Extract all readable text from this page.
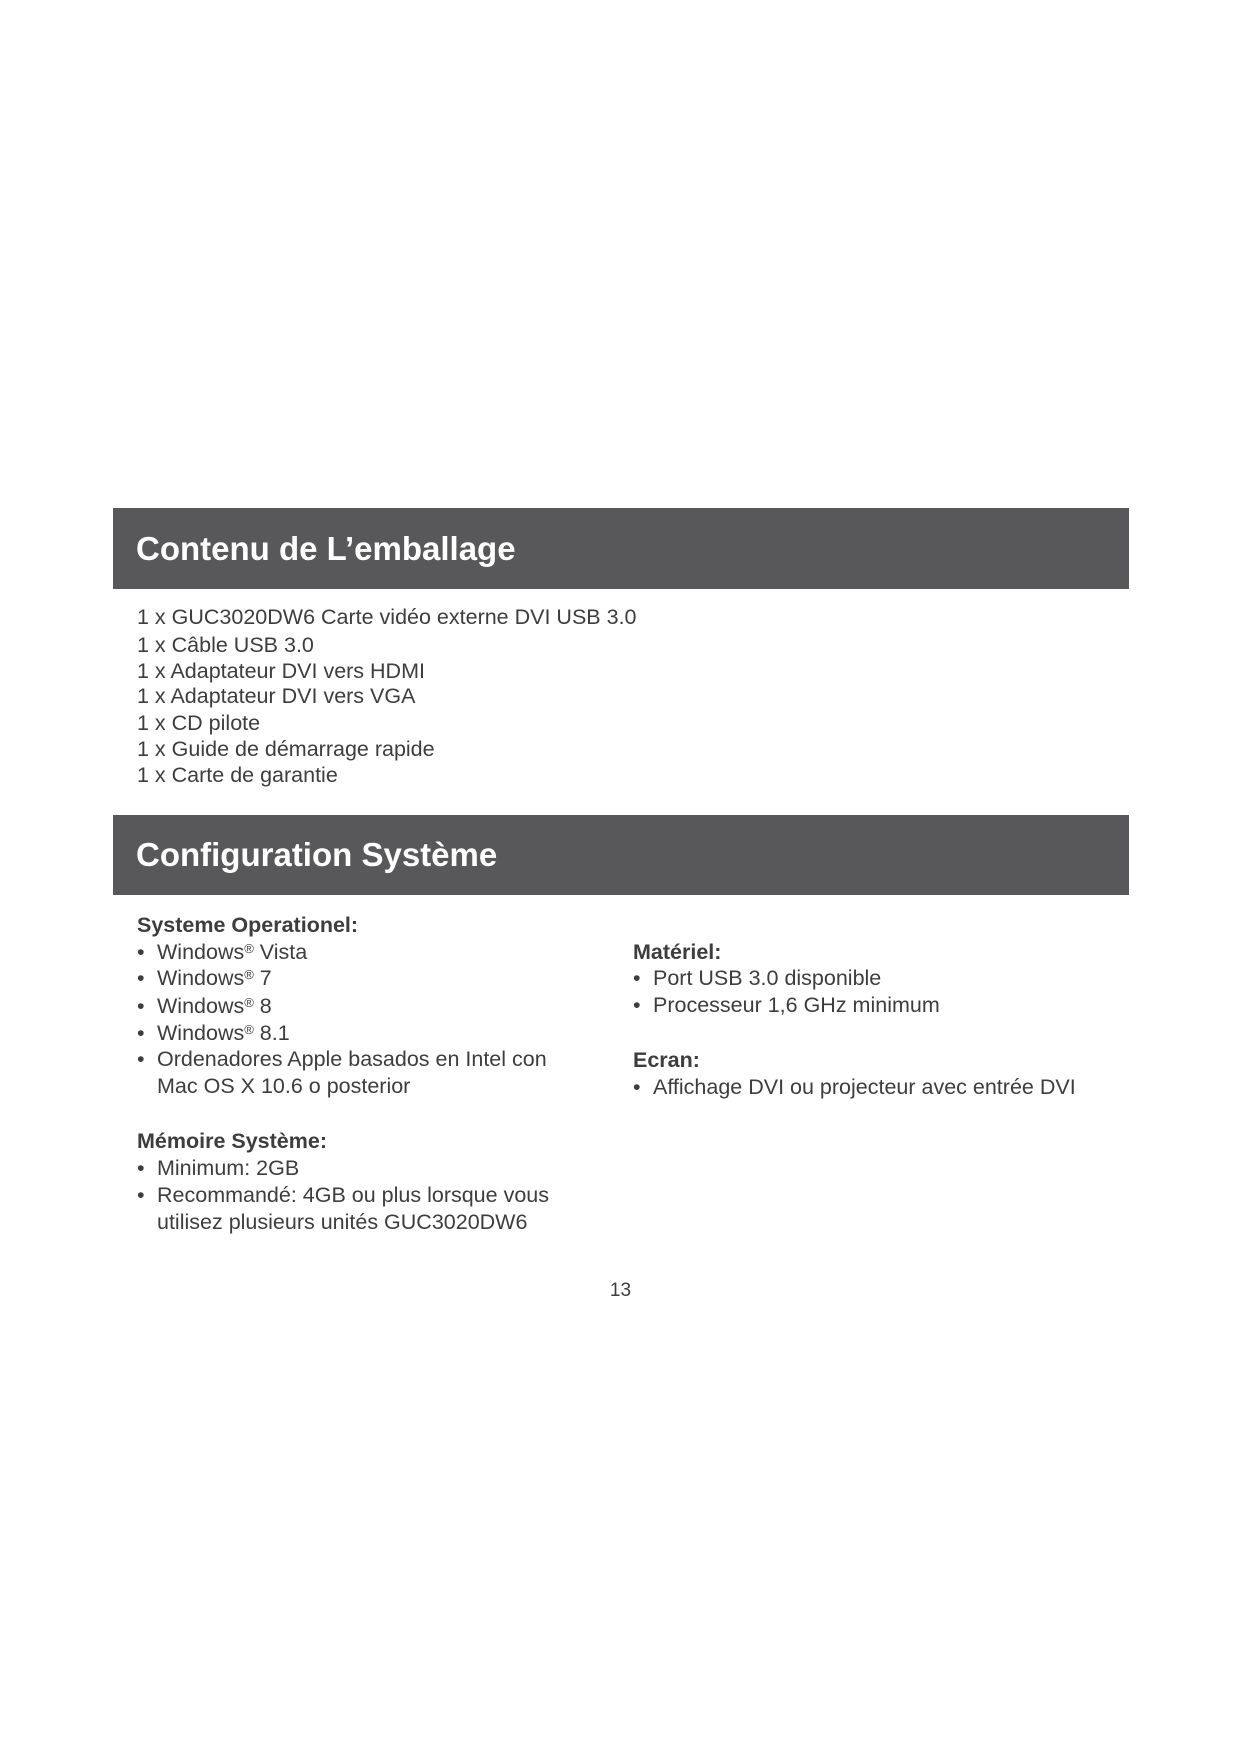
Contenu de L’emballage
1 x GUC3020DW6 Carte vidéo externe DVI USB 3.0
1 x Câble USB 3.0
1 x Adaptateur DVI vers HDMI
1 x Adaptateur DVI vers VGA
1 x CD pilote
1 x Guide de démarrage rapide
1 x Carte de garantie
Configuration Système
Systeme Operationel:
• Windows® Vista
• Windows® 7
• Windows® 8
• Windows® 8.1
• Ordenadores Apple basados en Intel con
Mac OS X 10.6 o posterior
Mémoire Système:
• Minimum: 2GB
• Recommandé: 4GB ou plus lorsque vous
utilisez plusieurs unités GUC3020DW6
Matériel:
• Port USB 3.0 disponible
• Processeur 1,6 GHz minimum
Ecran:
• Affichage DVI ou projecteur avec entrée DVI
13
